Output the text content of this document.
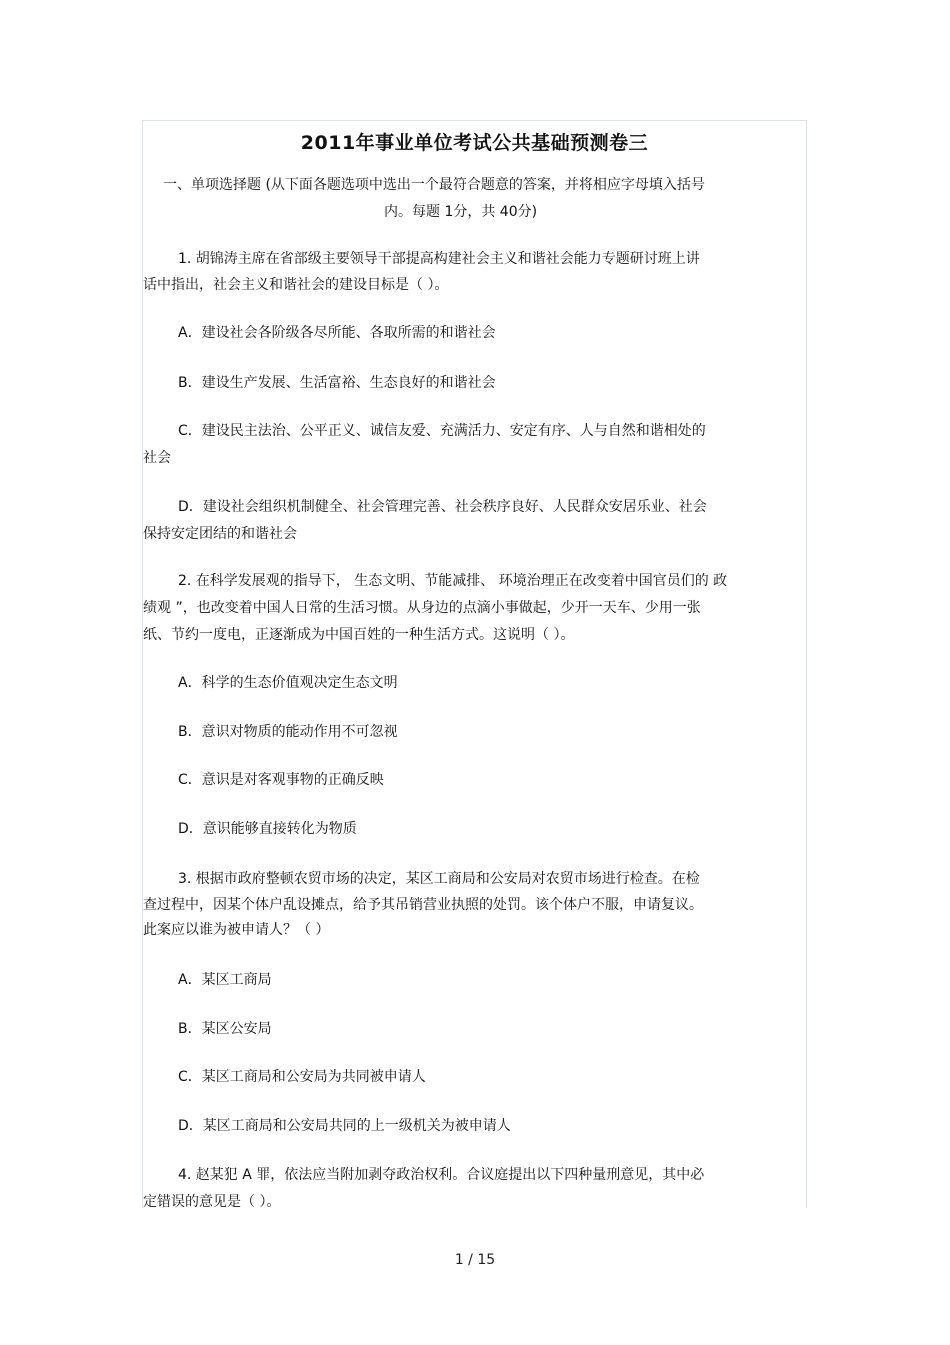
2011年事业单位考试公共基础预测卷三

一、单项选择题 (从下面各题选项中选出一个最符合题意的答案，并将相应字母填入括号

内。每题 1分，共 40分)

1. 胡锦涛主席在省部级主要领导干部提高构建社会主义和谐社会能力专题研讨班上讲

话中指出，社会主义和谐社会的建设目标是（ ）。

A．建设社会各阶级各尽所能、各取所需的和谐社会

B．建设生产发展、生活富裕、生态良好的和谐社会

C．建设民主法治、公平正义、诚信友爱、充满活力、安定有序、人与自然和谐相处的

社会

D．建设社会组织机制健全、社会管理完善、社会秩序良好、人民群众安居乐业、社会

保持安定团结的和谐社会

2. 在科学发展观的指导下， 生态文明、节能减排、 环境治理正在改变着中国官员们的 政

绩观 ”，也改变着中国人日常的生活习惯。从身边的点滴小事做起，少开一天车、少用一张

纸、节约一度电，正逐渐成为中国百姓的一种生活方式。这说明（ ）。

A．科学的生态价值观决定生态文明

B．意识对物质的能动作用不可忽视

C．意识是对客观事物的正确反映

D．意识能够直接转化为物质

3. 根据市政府整顿农贸市场的决定，某区工商局和公安局对农贸市场进行检查。在检

查过程中，因某个体户乱设摊点，给予其吊销营业执照的处罚。该个体户不服，申请复议。

此案应以谁为被申请人？（ ）

A．某区工商局

B．某区公安局

C．某区工商局和公安局为共同被申请人

D．某区工商局和公安局共同的上一级机关为被申请人

4. 赵某犯 A 罪，依法应当附加剥夺政治权利。合议庭提出以下四种量刑意见，其中必

定错误的意见是（ ）。

1 / 15
